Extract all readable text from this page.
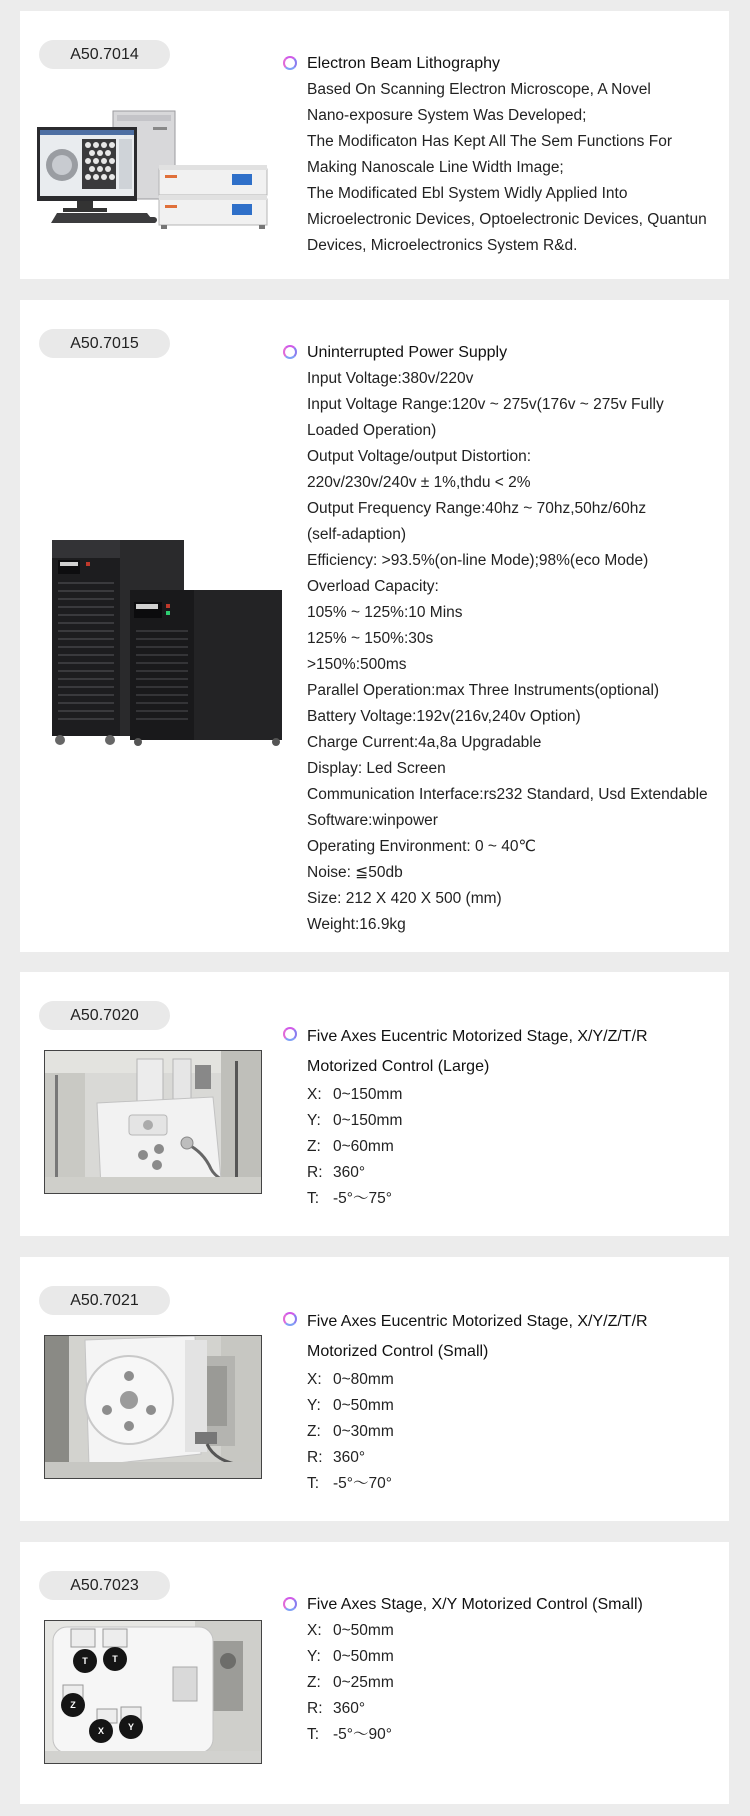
A50.7014
Electron Beam Lithography
Based On Scanning Electron Microscope, A Novel
Nano-exposure System Was Developed;
The Modificaton Has Kept All The Sem Functions For
Making Nanoscale Line Width Image;
The Modificated Ebl System Widly Applied Into
Microelectronic Devices, Optoelectronic Devices, Quantun
Devices, Microelectronics System R&d.
A50.7015
Uninterrupted Power Supply
Input Voltage:380v/220v
Input Voltage Range:120v ~ 275v(176v ~ 275v Fully
Loaded Operation)
Output Voltage/output Distortion:
220v/230v/240v ± 1%,thdu < 2%
Output Frequency Range:40hz ~ 70hz,50hz/60hz
(self-adaption)
Efficiency: >93.5%(on-line Mode);98%(eco Mode)
Overload Capacity:
105% ~ 125%:10 Mins
125% ~ 150%:30s
>150%:500ms
Parallel Operation:max Three Instruments(optional)
Battery Voltage:192v(216v,240v Option)
Charge Current:4a,8a Upgradable
Display: Led Screen
Communication Interface:rs232 Standard, Usd Extendable
Software:winpower
Operating Environment: 0 ~ 40℃
Noise: ≦50db
Size: 212 X 420 X 500 (mm)
Weight:16.9kg
A50.7020
Five Axes Eucentric Motorized Stage, X/Y/Z/T/R
Motorized Control (Large)
X: 0~150mm
Y: 0~150mm
Z: 0~60mm
R: 360°
T: -5°～75°
A50.7021
Five Axes Eucentric Motorized Stage, X/Y/Z/T/R
Motorized Control (Small)
X: 0~80mm
Y: 0~50mm
Z: 0~30mm
R: 360°
T: -5°～70°
A50.7023
T	T
Z
X	Y
Five Axes Stage, X/Y Motorized Control (Small)
X: 0~50mm
Y: 0~50mm
Z: 0~25mm
R: 360°
T: -5°～90°
